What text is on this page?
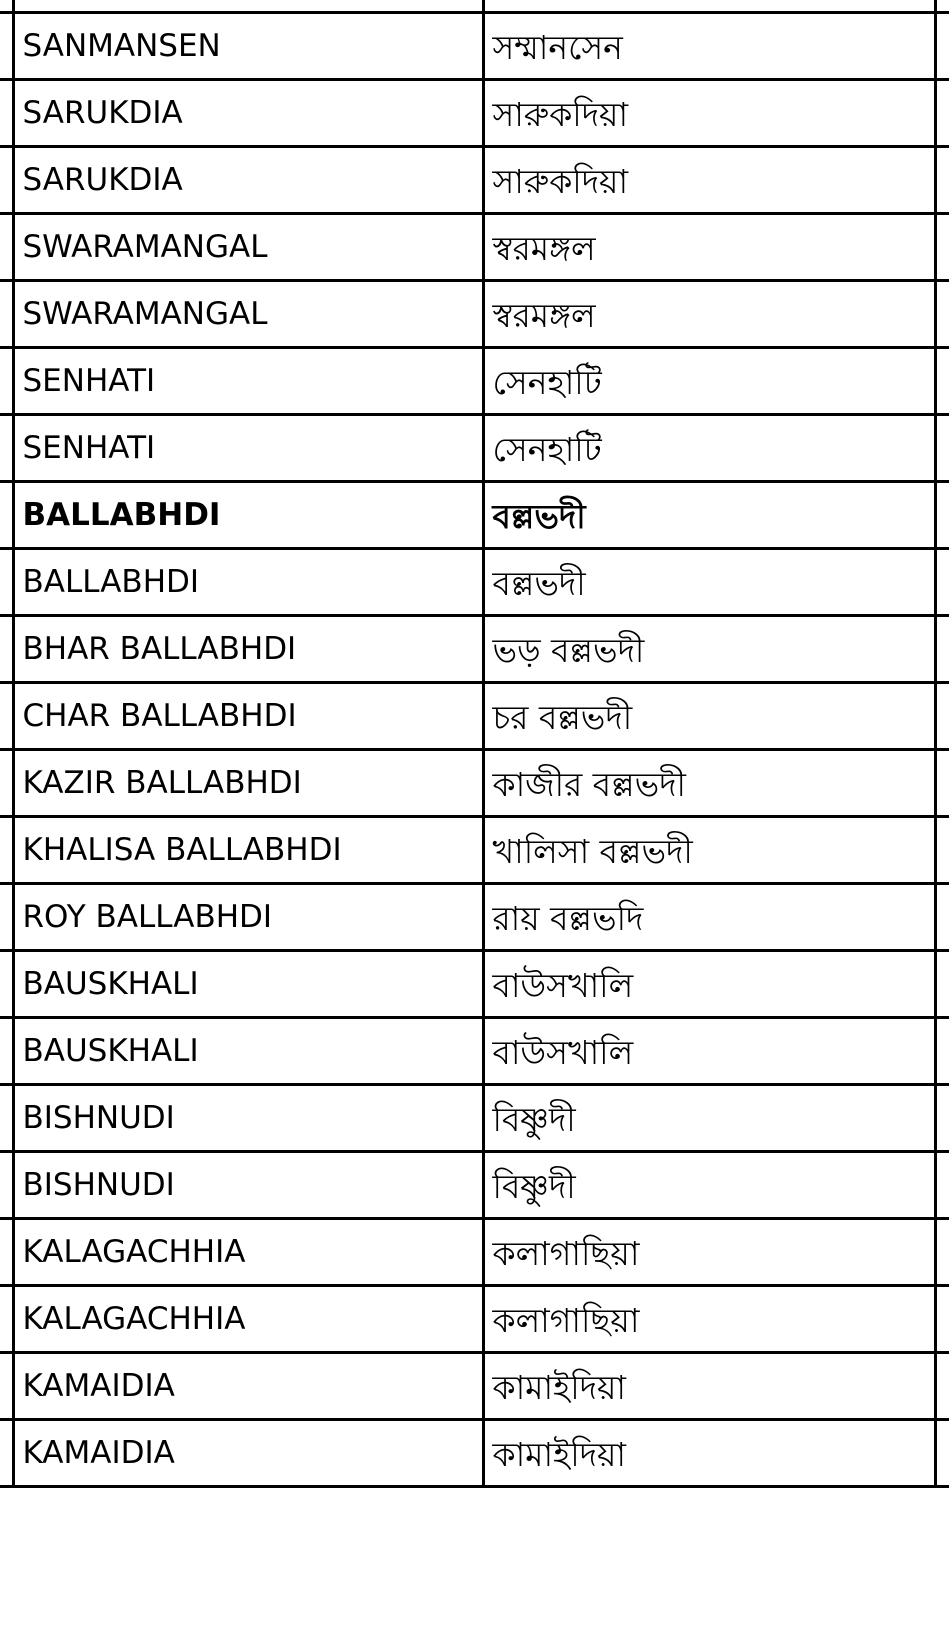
	SANMANSEN	সম্মানসেন	
	SARUKDIA	সারুকদিয়া	
	SARUKDIA	সারুকদিয়া	
	SWARAMANGAL	স্বরমঙ্গল	
	SWARAMANGAL	স্বরমঙ্গল	
	SENHATI	সেনহাটি	
	SENHATI	সেনহাটি	
	BALLABHDI	বল্লভদী	
	BALLABHDI	বল্লভদী	
	BHAR BALLABHDI	ভড় বল্লভদী	
	CHAR BALLABHDI	চর বল্লভদী	
	KAZIR BALLABHDI	কাজীর বল্লভদী	
	KHALISA BALLABHDI	খালিসা বল্লভদী	
	ROY BALLABHDI	রায় বল্লভদি	
	BAUSKHALI	বাউসখালি	
	BAUSKHALI	বাউসখালি	
	BISHNUDI	বিষ্ণুদী	
	BISHNUDI	বিষ্ণুদী	
	KALAGACHHIA	কলাগাছিয়া	
	KALAGACHHIA	কলাগাছিয়া	
	KAMAIDIA	কামাইদিয়া	
	KAMAIDIA	কামাইদিয়া	
